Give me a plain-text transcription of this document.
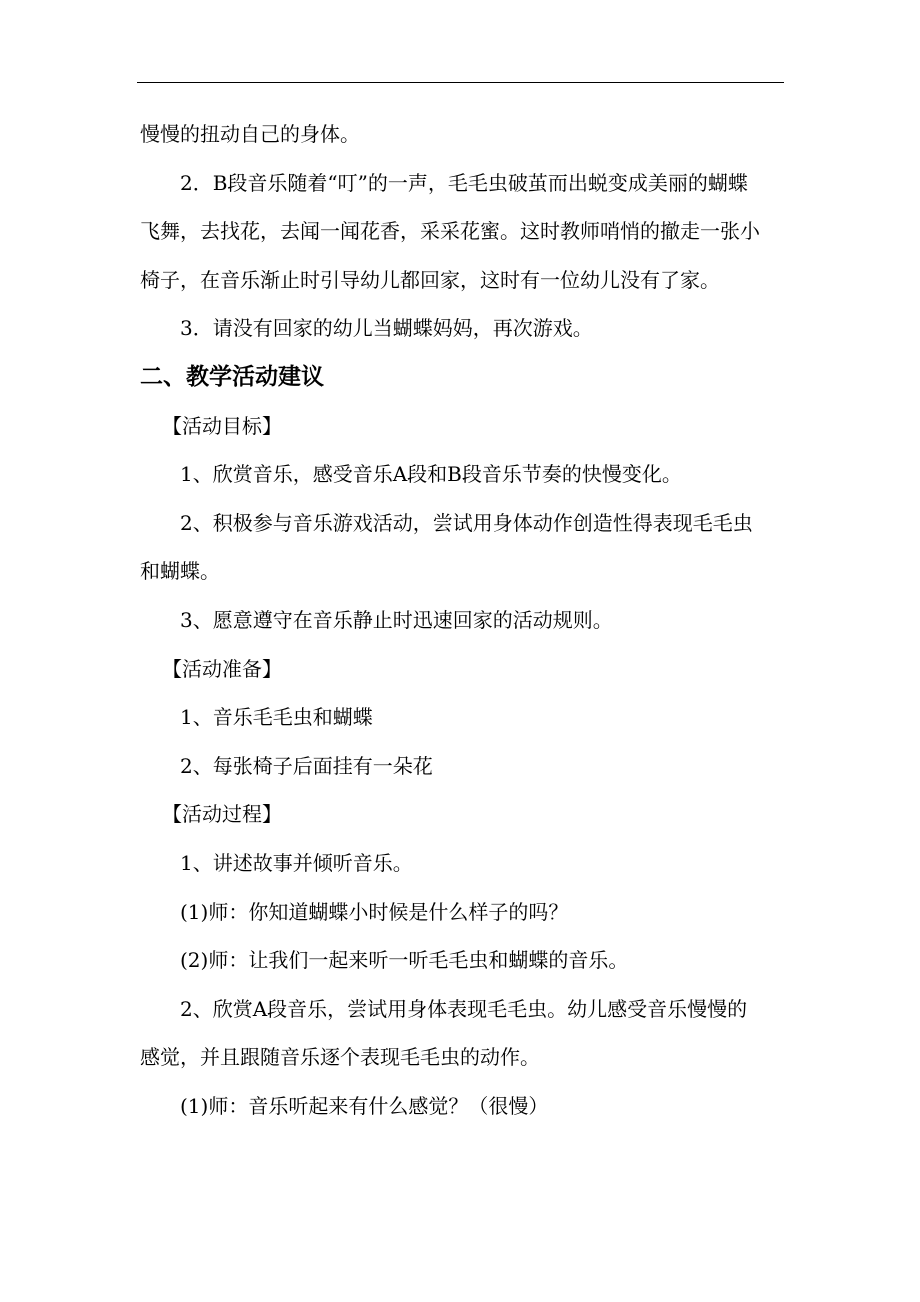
慢慢的扭动自己的身体。

2．B段音乐随着“叮”的一声，毛毛虫破茧而出蜕变成美丽的蝴蝶飞舞，去找花，去闻一闻花香，采采花蜜。这时教师哨悄的撤走一张小椅子，在音乐渐止时引导幼儿都回家，这时有一位幼儿没有了家。

3．请没有回家的幼儿当蝴蝶妈妈，再次游戏。

二、教学活动建议

【活动目标】

1、欣赏音乐，感受音乐A段和B段音乐节奏的快慢变化。

2、积极参与音乐游戏活动，尝试用身体动作创造性得表现毛毛虫和蝴蝶。

3、愿意遵守在音乐静止时迅速回家的活动规则。

【活动准备】

1、音乐毛毛虫和蝴蝶

2、每张椅子后面挂有一朵花

【活动过程】

1、讲述故事并倾听音乐。

(1)师：你知道蝴蝶小时候是什么样子的吗？

(2)师：让我们一起来听一听毛毛虫和蝴蝶的音乐。

2、欣赏A段音乐，尝试用身体表现毛毛虫。幼儿感受音乐慢慢的感觉，并且跟随音乐逐个表现毛毛虫的动作。

(1)师：音乐听起来有什么感觉？（很慢）
